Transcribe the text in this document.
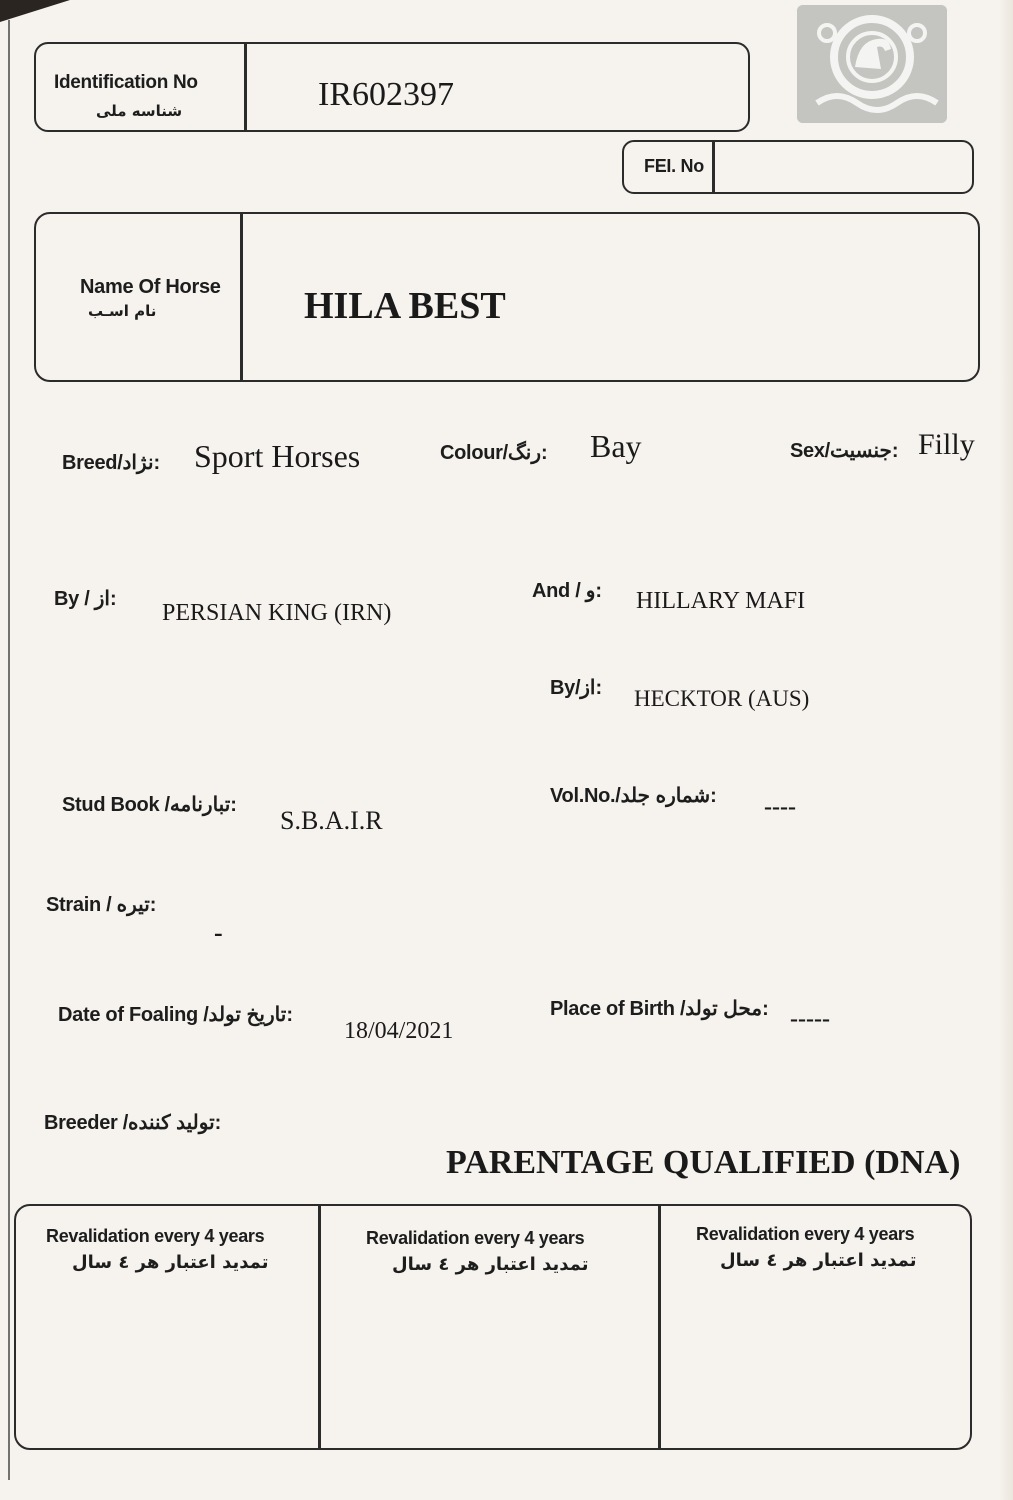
Identification No
شناسه ملی	IR602397
FEI. No
Name Of Horse
نام اسـب	HILA BEST
Breed/نژاد: Sport Horses	Colour/رنگ: Bay	Sex/جنسیت: Filly
By / از:
PERSIAN KING (IRN)
And / و: HILLARY MAFI
By/از: HECKTOR (AUS)
Stud Book /تبارنامه:
S.B.A.I.R
Vol.No./شماره جلد: ----
Strain / تیره:
-
Date of Foaling /تاریخ تولد:
18/04/2021
Place of Birth /محل تولد: -----
Breeder /تولید کننده:
PARENTAGE QUALIFIED (DNA)
Revalidation every 4 years
تمدید اعتبار هر ٤ سال
Revalidation every 4 years
تمدید اعتبار هر ٤ سال
Revalidation every 4 years
تمدید اعتبار هر ٤ سال
